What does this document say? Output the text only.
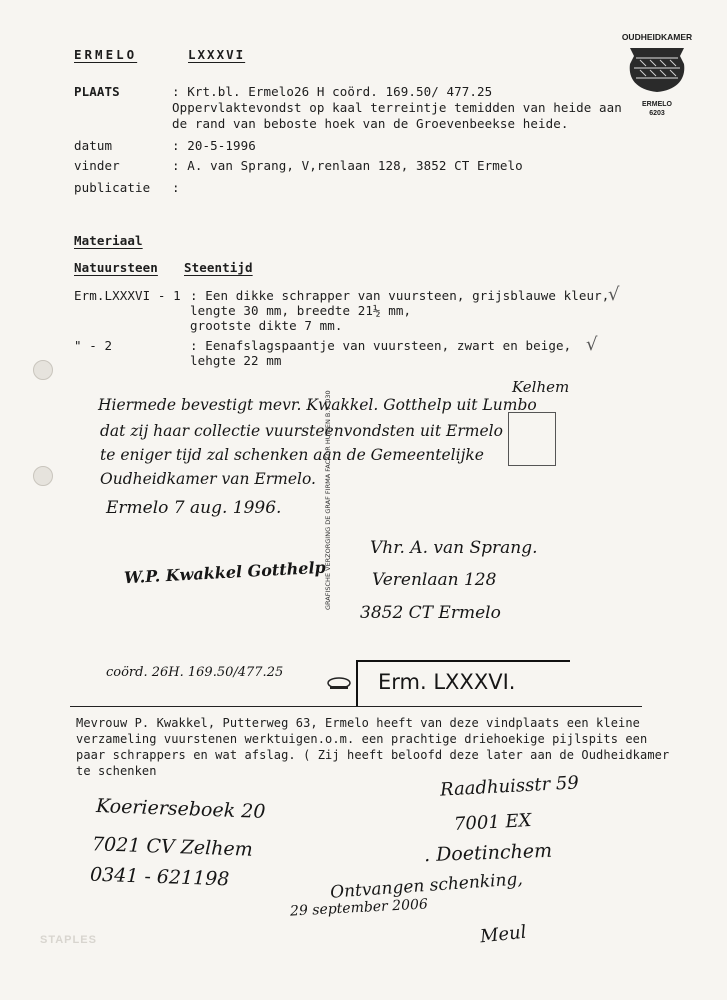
ERMELO	LXXXVI
OUDHEIDKAMER
ERMELO
6203
PLAATS	: Krt.bl. Ermelo26 H coörd. 169.50/ 477.25
Oppervlaktevondst op kaal terreintje temidden van heide aan
de rand van beboste hoek van de Groevenbeekse heide.
datum	: 20-5-1996
vinder	: A. van Sprang, V,renlaan 128, 3852 CT Ermelo
publicatie :
Materiaal
Natuursteen Steentijd
Erm.LXXXVI - 1 : Een dikke schrapper van vuursteen, grijsblauwe kleur,
lengte 30 mm, breedte 21½ mm,
grootste dikte 7 mm.
√
" - 2	: Eenafslagspaantje van vuursteen, zwart en beige,
lehgte 22 mm
√
Kelhem
Hiermede bevestigt mevr. Kwakkel. Gotthelp uit Lumbo
dat zij haar collectie vuursteenvondsten uit Ermelo
te eniger tijd zal schenken aan de Gemeentelijke
Oudheidkamer van Ermelo.
Ermelo 7 aug. 1996.
W.P. Kwakkel Gotthelp
GRAFISCHE VERZORGING DE GRAF FIRMA FACTOR HUIZEN B.V. 030 Vhr. A. van Sprang.
Verenlaan 128
3852 CT Ermelo
coörd. 26H. 169.50/477.25	Erm. LXXXVI.
Mevrouw P. Kwakkel, Putterweg 63, Ermelo heeft van deze vindplaats een kleine
verzameling vuurstenen werktuigen.o.m. een prachtige driehoekige pijlspits een
paar schrappers en wat afslag. ( Zij heeft beloofd deze later aan de Oudheidkamer
te schenken
Koerierseboek 20
7021 CV Zelhem
0341 - 621198
Raadhuisstr 59
7001 EX
. Doetinchem
Ontvangen schenking,
29 september 2006
Meul
STAPLES
